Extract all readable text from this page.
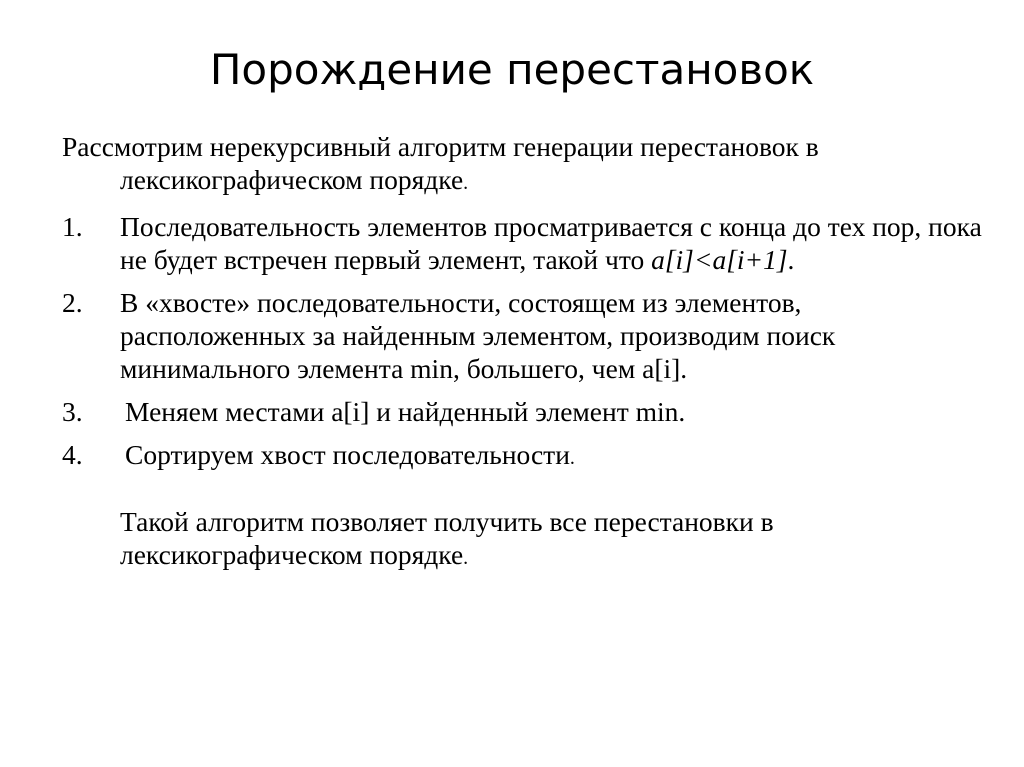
Порождение перестановок

Рассмотрим нерекурсивный алгоритм генерации перестановок в лексикографическом порядке.

1.	Последовательность элементов просматривается с конца до тех пор, пока не будет встречен первый элемент, такой что a[i]<a[i+1].
2.	В «хвосте» последовательности, состоящем из элементов, расположенных за найденным элементом, производим поиск минимального элемента min, большего, чем a[i].
3.	Меняем местами a[i] и найденный элемент min.
4.	Сортируем хвост последовательности.

Такой алгоритм позволяет получить все перестановки в лексикографическом порядке.
